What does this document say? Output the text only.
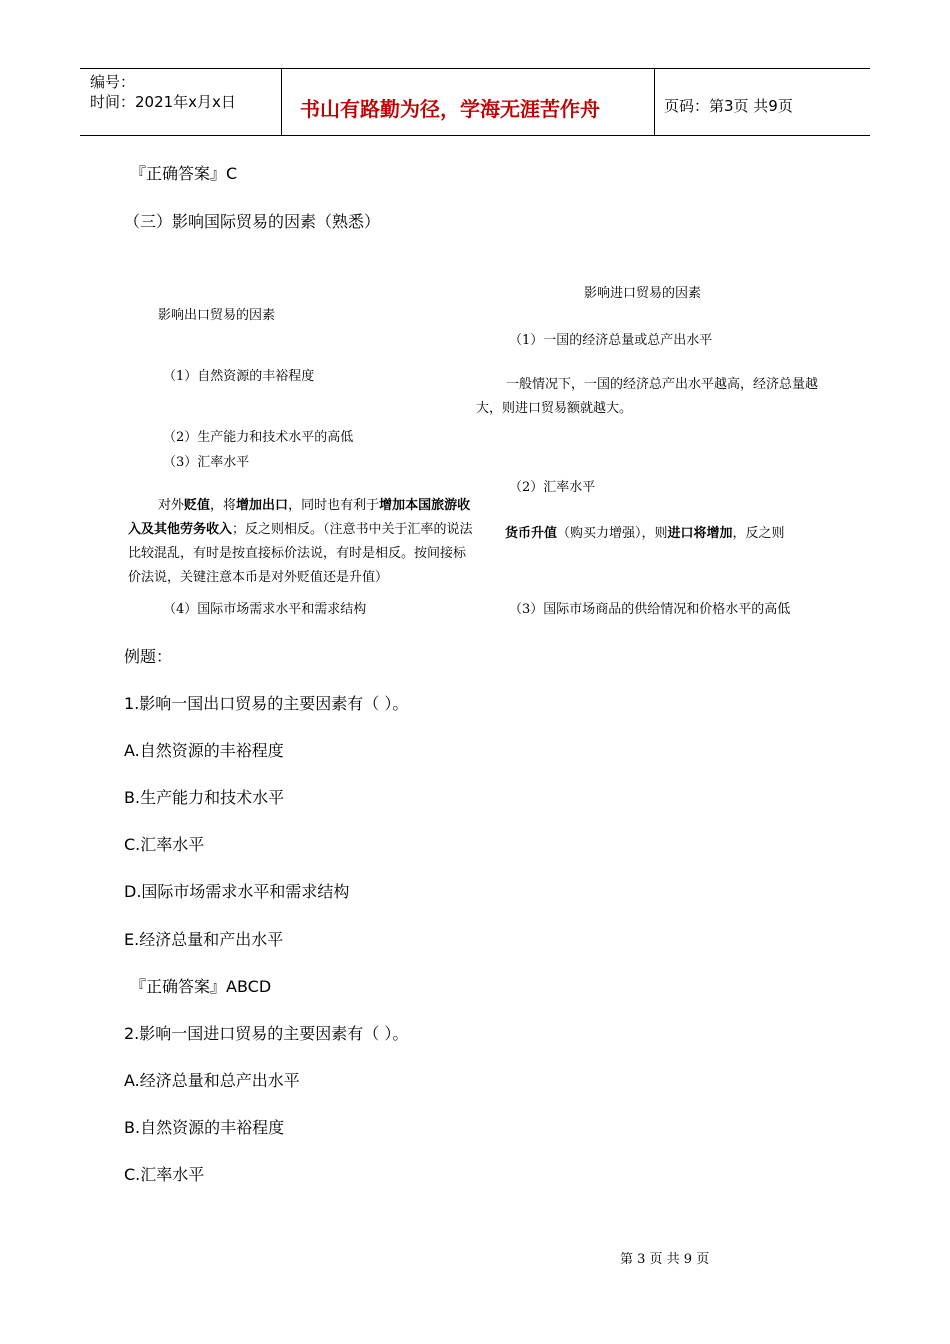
编号：
时间：2021年x月x日	书山有路勤为径，学海无涯苦作舟	页码：第3页 共9页
『正确答案』C
（三）影响国际贸易的因素（熟悉）
影响出口贸易的因素
（1）自然资源的丰裕程度
（2）生产能力和技术水平的高低
（3）汇率水平
对外贬值，将增加出口，同时也有利于增加本国旅游收入及其他劳务收入；反之则相反。（注意书中关于汇率的说法比较混乱，有时是按直接标价法说，有时是相反。按间接标价法说，关键注意本币是对外贬值还是升值）
（4）国际市场需求水平和需求结构
影响进口贸易的因素
（1）一国的经济总量或总产出水平
一般情况下，一国的经济总产出水平越高，经济总量越大，则进口贸易额就越大。
（2）汇率水平
货币升值（购买力增强），则进口将增加，反之则
（3）国际市场商品的供给情况和价格水平的高低
例题：
1.影响一国出口贸易的主要因素有（ ）。
A.自然资源的丰裕程度
B.生产能力和技术水平
C.汇率水平
D.国际市场需求水平和需求结构
E.经济总量和产出水平
『正确答案』ABCD
2.影响一国进口贸易的主要因素有（ ）。
A.经济总量和总产出水平
B.自然资源的丰裕程度
C.汇率水平
第 3 页 共 9 页
